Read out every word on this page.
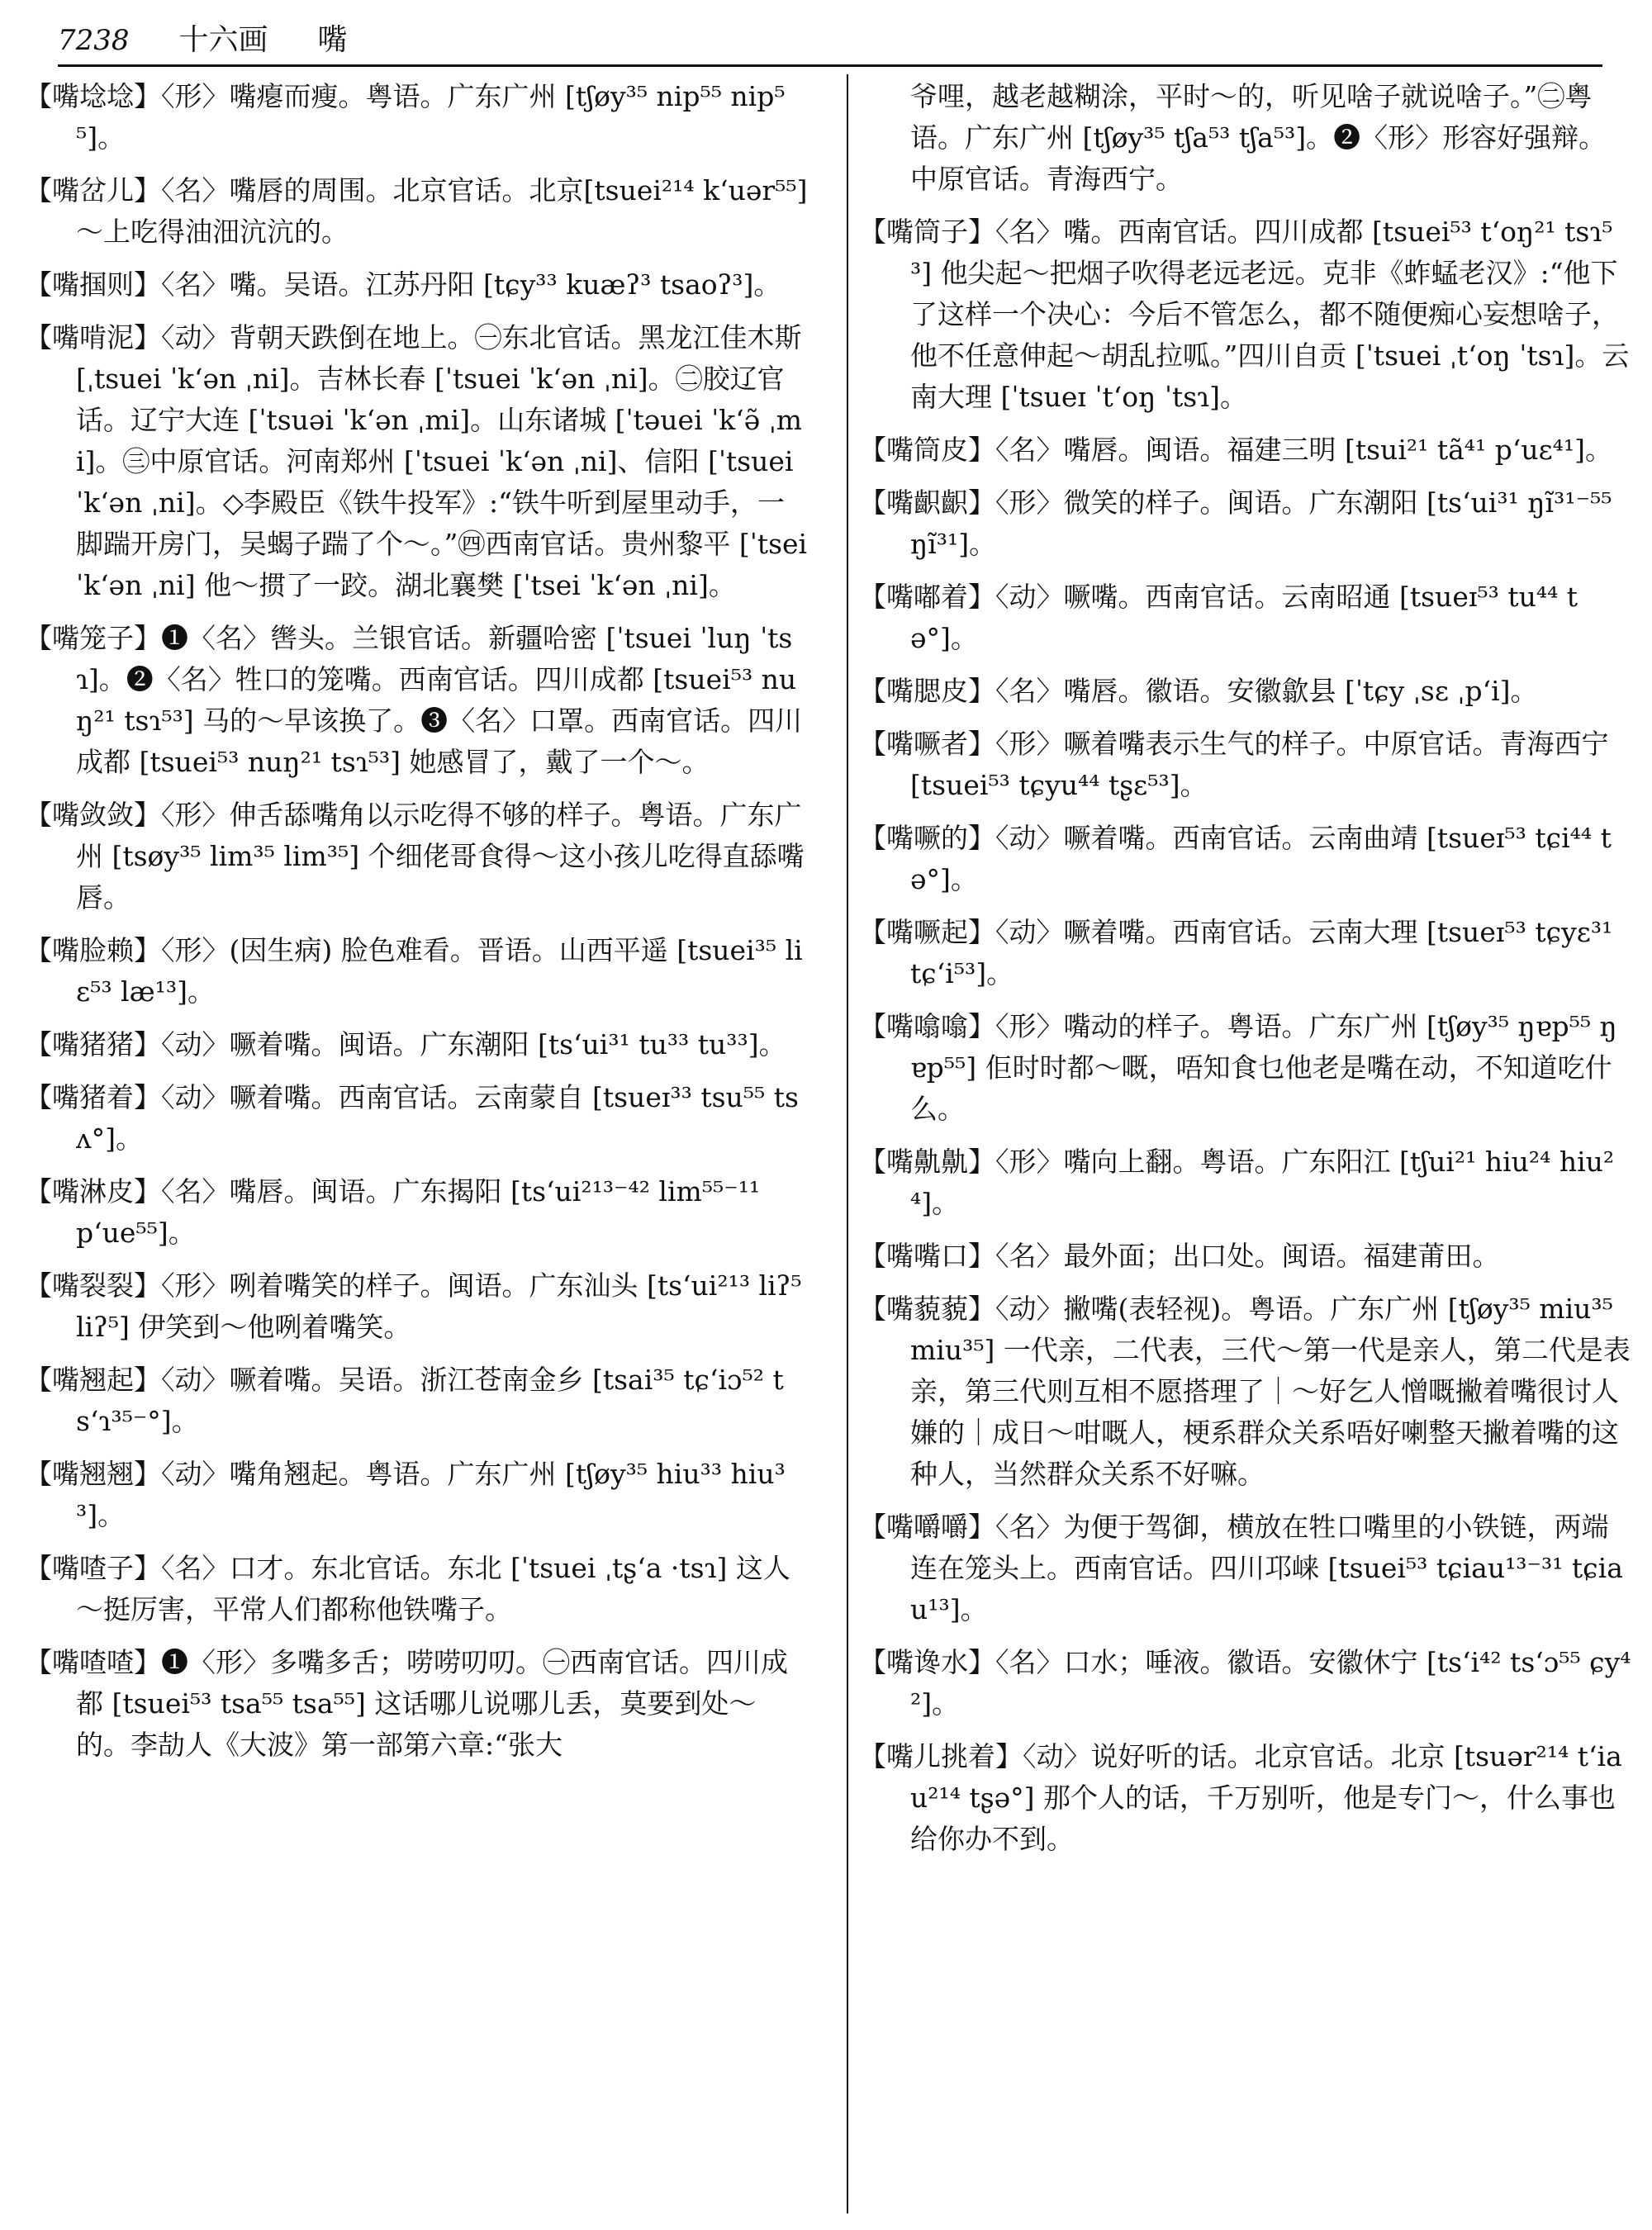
7238 十六画 嘴

【嘴埝埝】〈形〉嘴瘪而瘦。粤语。广东广州 [tʃøy³⁵ nip⁵⁵ nip⁵⁵]。

【嘴岔儿】〈名〉嘴唇的周围。北京官话。北京[tsuei²¹⁴ k‘uər⁵⁵] ～上吃得油沺沆沆的。

【嘴掴则】〈名〉嘴。吴语。江苏丹阳 [tɕy³³ kuæʔ³ tsaoʔ³]。

【嘴啃泥】〈动〉背朝天跌倒在地上。㊀东北官话。黑龙江佳木斯 [ˌtsuei ˈk‘ən ˌni]。吉林长春 [ˈtsuei ˈk‘ən ˌni]。㊁胶辽官话。辽宁大连 [ˈtsuəi ˈk‘ən ˌmi]。山东诸城 [ˈtəuei ˈk‘ə̃ ˌmi]。㊂中原官话。河南郑州 [ˈtsuei ˈk‘ən ˌni]、信阳 [ˈtsuei ˈk‘ən ˌni]。◇李殿臣《铁牛投军》:“铁牛听到屋里动手，一脚踹开房门，吴蝎子踹了个～。”㊃西南官话。贵州黎平 [ˈtsei ˈk‘ən ˌni] 他～掼了一跤。湖北襄樊 [ˈtsei ˈk‘ən ˌni]。

【嘴笼子】❶〈名〉辔头。兰银官话。新疆哈密 [ˈtsuei ˈluŋ ˈtsɿ]。❷〈名〉牲口的笼嘴。西南官话。四川成都 [tsuei⁵³ nuŋ²¹ tsɿ⁵³] 马的～早该换了。❸〈名〉口罩。西南官话。四川成都 [tsuei⁵³ nuŋ²¹ tsɿ⁵³] 她感冒了，戴了一个～。

【嘴敛敛】〈形〉伸舌舔嘴角以示吃得不够的样子。粤语。广东广州 [tsøy³⁵ lim³⁵ lim³⁵] 个细佬哥食得～这小孩儿吃得直舔嘴唇。

【嘴脸赖】〈形〉(因生病) 脸色难看。晋语。山西平遥 [tsuei³⁵ liɛ⁵³ læ¹³]。

【嘴猪猪】〈动〉噘着嘴。闽语。广东潮阳 [ts‘ui³¹ tu³³ tu³³]。

【嘴猪着】〈动〉噘着嘴。西南官话。云南蒙自 [tsueɪ³³ tsu⁵⁵ tsʌ°]。

【嘴淋皮】〈名〉嘴唇。闽语。广东揭阳 [ts‘ui²¹³⁻⁴² lim⁵⁵⁻¹¹ p‘ue⁵⁵]。

【嘴裂裂】〈形〉咧着嘴笑的样子。闽语。广东汕头 [ts‘ui²¹³ liʔ⁵ liʔ⁵] 伊笑到～他咧着嘴笑。

【嘴翘起】〈动〉噘着嘴。吴语。浙江苍南金乡 [tsai³⁵ tɕ‘iɔ⁵² ts‘ɿ³⁵⁻°]。

【嘴翘翘】〈动〉嘴角翘起。粤语。广东广州 [tʃøy³⁵ hiu³³ hiu³³]。

【嘴喳子】〈名〉口才。东北官话。东北 [ˈtsuei ˌtʂ‘a ·tsɿ] 这人～挺厉害，平常人们都称他铁嘴子。

【嘴喳喳】❶〈形〉多嘴多舌；唠唠叨叨。㊀西南官话。四川成都 [tsuei⁵³ tsa⁵⁵ tsa⁵⁵] 这话哪儿说哪儿丢，莫要到处～的。李劼人《大波》第一部第六章:“张大

爷哩，越老越糊涂，平时～的，听见啥子就说啥子。”㊁粤语。广东广州 [tʃøy³⁵ tʃa⁵³ tʃa⁵³]。❷〈形〉形容好强辩。中原官话。青海西宁。

【嘴筒子】〈名〉嘴。西南官话。四川成都 [tsuei⁵³ t‘oŋ²¹ tsɿ⁵³] 他尖起～把烟子吹得老远老远。克非《蚱蜢老汉》:“他下了这样一个决心：今后不管怎么，都不随便痴心妄想啥子，他不任意伸起～胡乱拉呱。”四川自贡 [ˈtsuei ˌt‘oŋ ˈtsɿ]。云南大理 [ˈtsueɪ ˈt‘oŋ ˈtsɿ]。

【嘴筒皮】〈名〉嘴唇。闽语。福建三明 [tsui²¹ tã⁴¹ p‘uɛ⁴¹]。

【嘴齞齞】〈形〉微笑的样子。闽语。广东潮阳 [ts‘ui³¹ ŋĩ³¹⁻⁵⁵ ŋĩ³¹]。

【嘴嘟着】〈动〉噘嘴。西南官话。云南昭通 [tsueɪ⁵³ tu⁴⁴ tə°]。

【嘴腮皮】〈名〉嘴唇。徽语。安徽歙县 [ˈtɕy ˌsɛ ˌp‘i]。

【嘴噘者】〈形〉噘着嘴表示生气的样子。中原官话。青海西宁 [tsuei⁵³ tɕyu⁴⁴ tʂɛ⁵³]。

【嘴噘的】〈动〉噘着嘴。西南官话。云南曲靖 [tsueɪ⁵³ tɕi⁴⁴ tə°]。

【嘴噘起】〈动〉噘着嘴。西南官话。云南大理 [tsueɪ⁵³ tɕyɛ³¹ tɕ‘i⁵³]。

【嘴噏噏】〈形〉嘴动的样子。粤语。广东广州 [tʃøy³⁵ ŋɐp⁵⁵ ŋɐp⁵⁵] 佢时时都～嘅，唔知食乜他老是嘴在动，不知道吃什么。

【嘴鼽鼽】〈形〉嘴向上翻。粤语。广东阳江 [tʃui²¹ hiu²⁴ hiu²⁴]。

【嘴嘴口】〈名〉最外面；出口处。闽语。福建莆田。

【嘴藐藐】〈动〉撇嘴(表轻视)。粤语。广东广州 [tʃøy³⁵ miu³⁵ miu³⁵] 一代亲，二代表，三代～第一代是亲人，第二代是表亲，第三代则互相不愿搭理了｜～好乞人憎嘅撇着嘴很讨人嫌的｜成日～咁嘅人，梗系群众关系唔好喇整天撇着嘴的这种人，当然群众关系不好嘛。

【嘴嚼嚼】〈名〉为便于驾御，横放在牲口嘴里的小铁链，两端连在笼头上。西南官话。四川邛崃 [tsuei⁵³ tɕiau¹³⁻³¹ tɕiau¹³]。

【嘴谗水】〈名〉口水；唾液。徽语。安徽休宁 [ts‘i⁴² ts‘ɔ⁵⁵ ɕy⁴²]。

【嘴儿挑着】〈动〉说好听的话。北京官话。北京 [tsuər²¹⁴ t‘iau²¹⁴ tʂə°] 那个人的话，千万别听，他是专门～，什么事也给你办不到。
